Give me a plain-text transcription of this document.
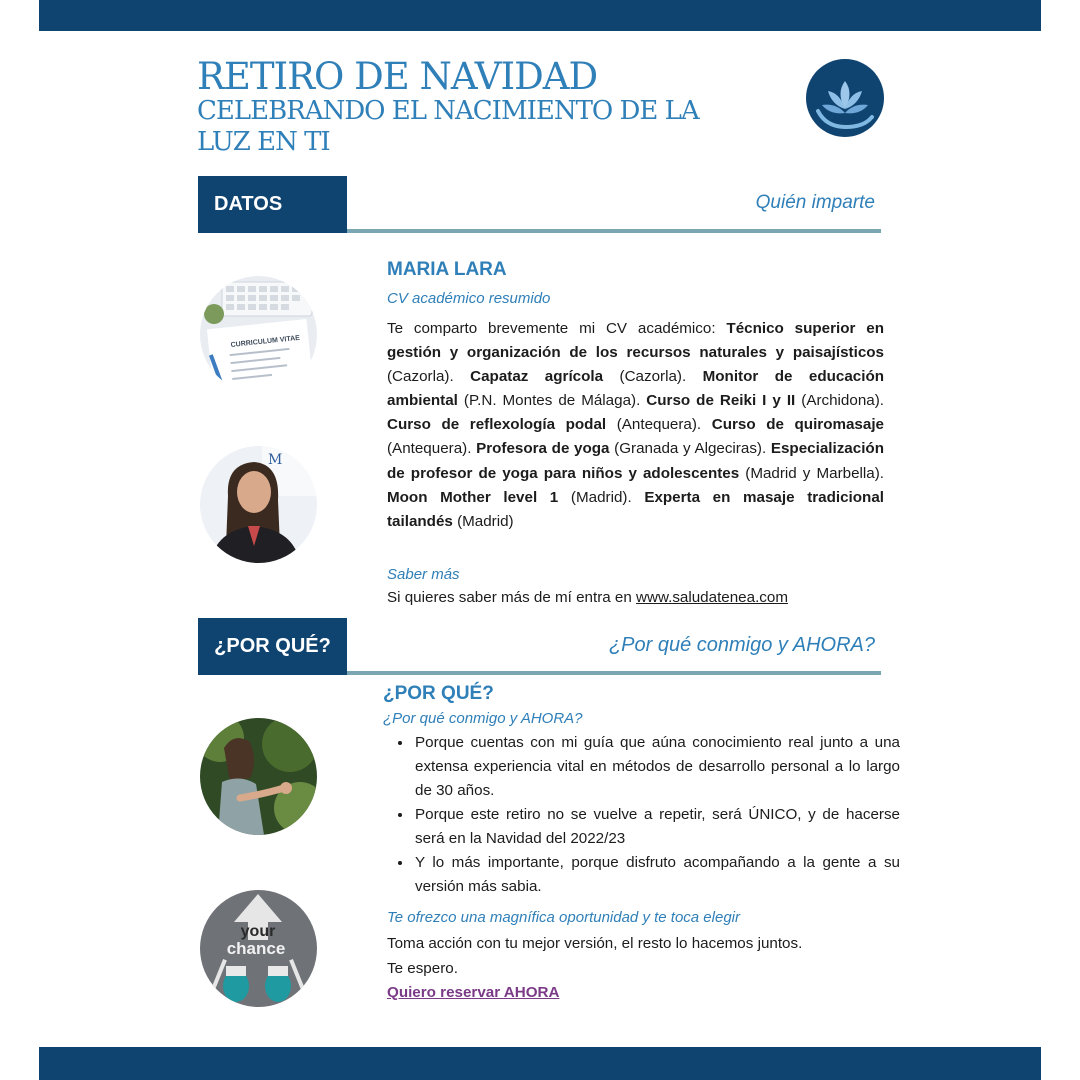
RETIRO DE NAVIDAD
CELEBRANDO EL NACIMIENTO DE LA LUZ EN TI
DATOS	Quién imparte
CURRICULUM VITAE
M
MARIA LARA

CV académico resumido

Te comparto brevemente mi CV académico: Técnico superior en gestión y organización de los recursos naturales y paisajísticos (Cazorla). Capataz agrícola (Cazorla). Monitor de educación ambiental (P.N. Montes de Málaga). Curso de Reiki I y II (Archidona). Curso de reflexología podal (Antequera). Curso de quiromasaje (Antequera). Profesora de yoga (Granada y Algeciras). Especialización de profesor de yoga para niños y adolescentes (Madrid y Marbella). Moon Mother level 1 (Madrid). Experta en masaje tradicional tailandés (Madrid)

Saber más

Si quieres saber más de mí entra en www.saludatenea.com

¿POR QUÉ?	¿Por qué conmigo y AHORA?
your
chance
¿POR QUÉ?

¿Por qué conmigo y AHORA?

• Porque cuentas con mi guía que aúna conocimiento real junto a una extensa experiencia vital en métodos de desarrollo personal a lo largo de 30 años.
• Porque este retiro no se vuelve a repetir, será ÚNICO, y de hacerse será en la Navidad del 2022/23
• Y lo más importante, porque disfruto acompañando a la gente a su versión más sabia.

Te ofrezco una magnífica oportunidad y te toca elegir

Toma acción con tu mejor versión, el resto lo hacemos juntos.

Te espero.

Quiero reservar AHORA
